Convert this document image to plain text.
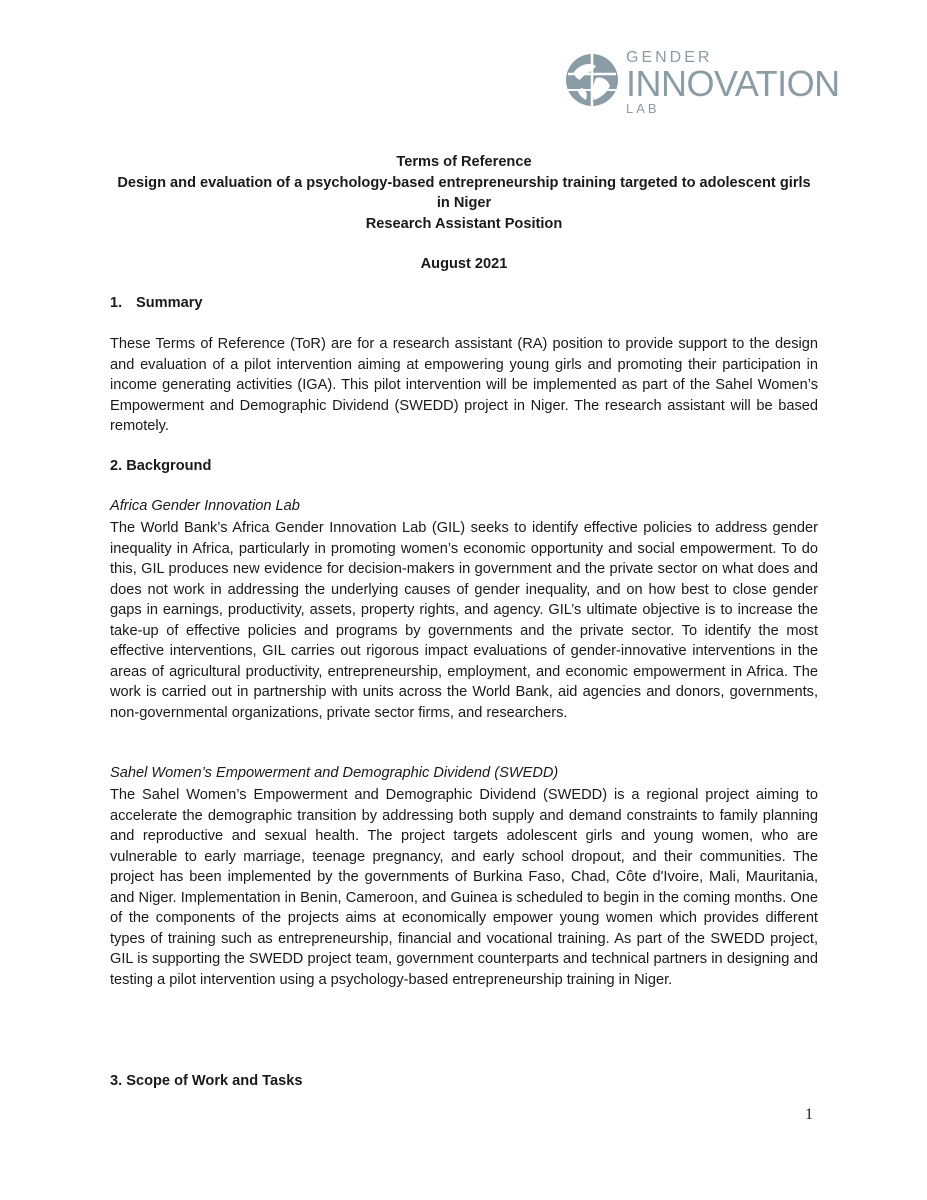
GENDER
INNOVATION
LAB
Terms of Reference
Design and evaluation of a psychology-based entrepreneurship training targeted to adolescent girls in Niger
Research Assistant Position
August 2021
1. Summary
These Terms of Reference (ToR) are for a research assistant (RA) position to provide support to the design and evaluation of a pilot intervention aiming at empowering young girls and promoting their participation in income generating activities (IGA). This pilot intervention will be implemented as part of the Sahel Women’s Empowerment and Demographic Dividend (SWEDD) project in Niger. The research assistant will be based remotely.
2. Background
Africa Gender Innovation Lab
The World Bank’s Africa Gender Innovation Lab (GIL) seeks to identify effective policies to address gender inequality in Africa, particularly in promoting women’s economic opportunity and social empowerment. To do this, GIL produces new evidence for decision-makers in government and the private sector on what does and does not work in addressing the underlying causes of gender inequality, and on how best to close gender gaps in earnings, productivity, assets, property rights, and agency. GIL’s ultimate objective is to increase the take-up of effective policies and programs by governments and the private sector. To identify the most effective interventions, GIL carries out rigorous impact evaluations of gender-innovative interventions in the areas of agricultural productivity, entrepreneurship, employment, and economic empowerment in Africa. The work is carried out in partnership with units across the World Bank, aid agencies and donors, governments, non-governmental organizations, private sector firms, and researchers.
Sahel Women’s Empowerment and Demographic Dividend (SWEDD)
The Sahel Women’s Empowerment and Demographic Dividend (SWEDD) is a regional project aiming to accelerate the demographic transition by addressing both supply and demand constraints to family planning and reproductive and sexual health. The project targets adolescent girls and young women, who are vulnerable to early marriage, teenage pregnancy, and early school dropout, and their communities. The project has been implemented by the governments of Burkina Faso, Chad, Côte d'Ivoire, Mali, Mauritania, and Niger. Implementation in Benin, Cameroon, and Guinea is scheduled to begin in the coming months. One of the components of the projects aims at economically empower young women which provides different types of training such as entrepreneurship, financial and vocational training. As part of the SWEDD project, GIL is supporting the SWEDD project team, government counterparts and technical partners in designing and testing a pilot intervention using a psychology-based entrepreneurship training in Niger.
3. Scope of Work and Tasks
1
